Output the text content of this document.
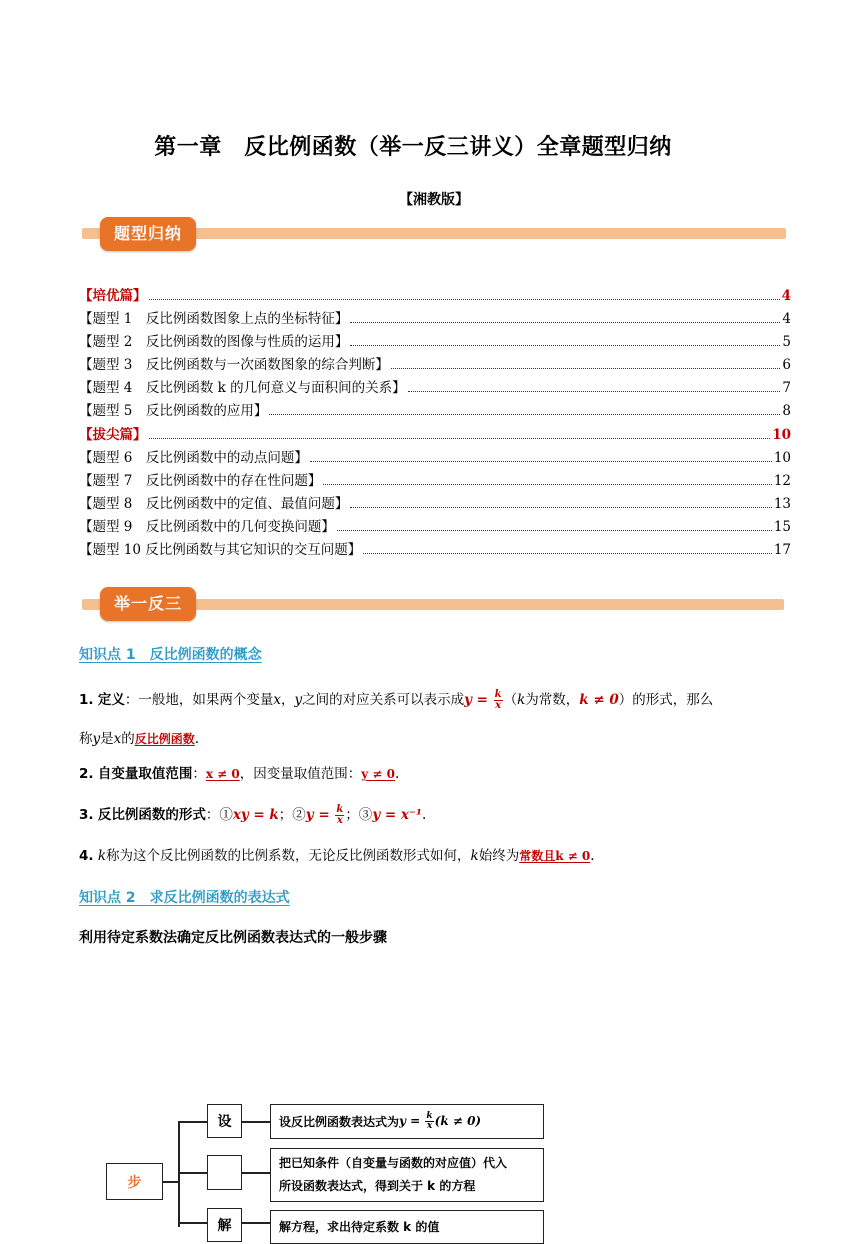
第一章　反比例函数（举一反三讲义）全章题型归纳
【湘教版】
题型归纳
【培优篇】	4
【题型 1　反比例函数图象上点的坐标特征】	4
【题型 2　反比例函数的图像与性质的运用】	5
【题型 3　反比例函数与一次函数图象的综合判断】	6
【题型 4　反比例函数 k 的几何意义与面积间的关系】	7
【题型 5　反比例函数的应用】	8
【拔尖篇】	10
【题型 6　反比例函数中的动点问题】	10
【题型 7　反比例函数中的存在性问题】	12
【题型 8　反比例函数中的定值、最值问题】	13
【题型 9　反比例函数中的几何变换问题】	15
【题型 10 反比例函数与其它知识的交互问题】	17
举一反三
知识点 1　反比例函数的概念
1. 定义：一般地，如果两个变量x，y之间的对应关系可以表示成$y = \frac{k}{x} (k$为常数，k ≠ 0）的形式，那么
称y是x的反比例函数.
2. 自变量取值范围：x ≠ 0，因变量取值范围：y ≠ 0.
3. 反比例函数的形式：①xy = k；②y = $\frac{k}{x}$ ；③y = x⁻¹.
4. k称为这个反比例函数的比例系数，无论反比例函数形式如何，k始终为常数且k ≠ 0.
知识点 2　求反比例函数的表达式
利用待定系数法确定反比例函数表达式的一般步骤
步
设	设反比例函数表达式为 $y = \frac{k}{x} (k \ne 0)$
把已知条件（自变量与函数的对应值）代入
所设函数表达式，得到关于 k 的方程
解	解方程，求出待定系数 k 的值
